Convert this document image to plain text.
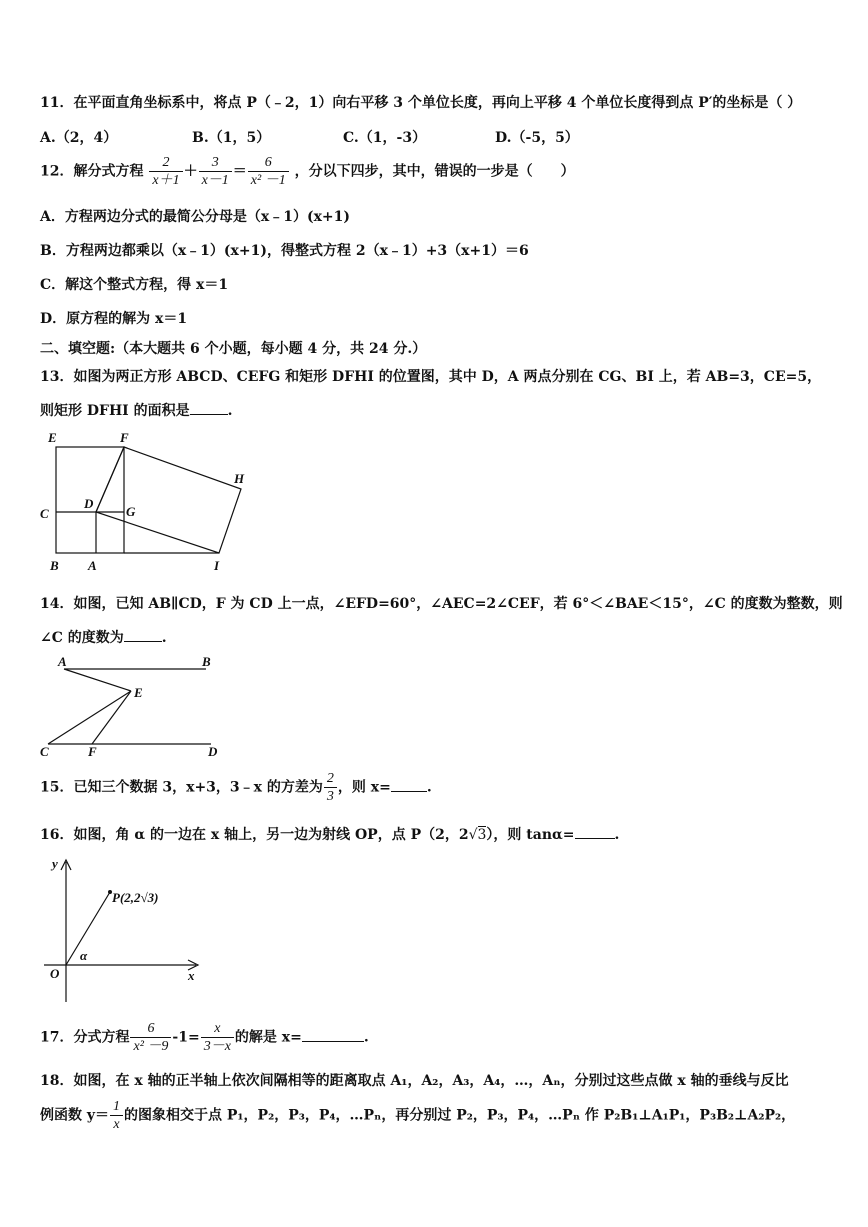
11．在平面直角坐标系中，将点 P（﹣2，1）向右平移 3 个单位长度，再向上平移 4 个单位长度得到点 P′的坐标是（ ）
A.（2，4）	B.（1，5）	C.（1，-3）	D.（-5，5）
12．解分式方程 $\frac{2}{x+1} + \frac{3}{x-1} = \frac{6}{\text{x² －1}}$ ，分以下四步，其中，错误的一步是（　　）
A．方程两边分式的最简公分母是（x﹣1）(x+1)
B．方程两边都乘以（x﹣1）(x+1)，得整式方程 2（x﹣1）+3（x+1）＝6
C．解这个整式方程，得 x＝1
D．原方程的解为 x＝1
二、填空题:（本大题共 6 个小题，每小题 4 分，共 24 分.）
13．如图为两正方形 ABCD、CEFG 和矩形 DFHI 的位置图，其中 D，A 两点分别在 CG、BI 上，若 AB=3，CE=5，
则矩形 DFHI 的面积是	.
E	F
H
C
D
G
B A	I
14．如图，已知 AB∥CD，F 为 CD 上一点，∠EFD=60°，∠AEC=2∠CEF，若 6°＜∠BAE＜15°，∠C 的度数为整数，则
∠C 的度数为	.
A	B
E
C	F	D
15．已知三个数据 3，x+3，3﹣x 的方差为 $\frac{2}{3}$ ，则 x=	.
16．如图，角 α 的一边在 x 轴上，另一边为射线 OP，点 P（2，2√3），则 tanα=	.
y
x
O
α
P(2,2√3)
17．分式方程 $\frac{6}{\text{x² －9}} -1= \frac{x}{3-x}$ 的解是 x=	.
18．如图，在 x 轴的正半轴上依次间隔相等的距离取点 A₁，A₂，A₃，A₄，…，Aₙ，分别过这些点做 x 轴的垂线与反比
例函数 $y= \frac{1}{x}$ 的图象相交于点 P₁，P₂，P₃，P₄，…Pₙ，再分别过 P₂，P₃，P₄，…Pₙ 作 P₂B₁⊥A₁P₁，P₃B₂⊥A₂P₂，
